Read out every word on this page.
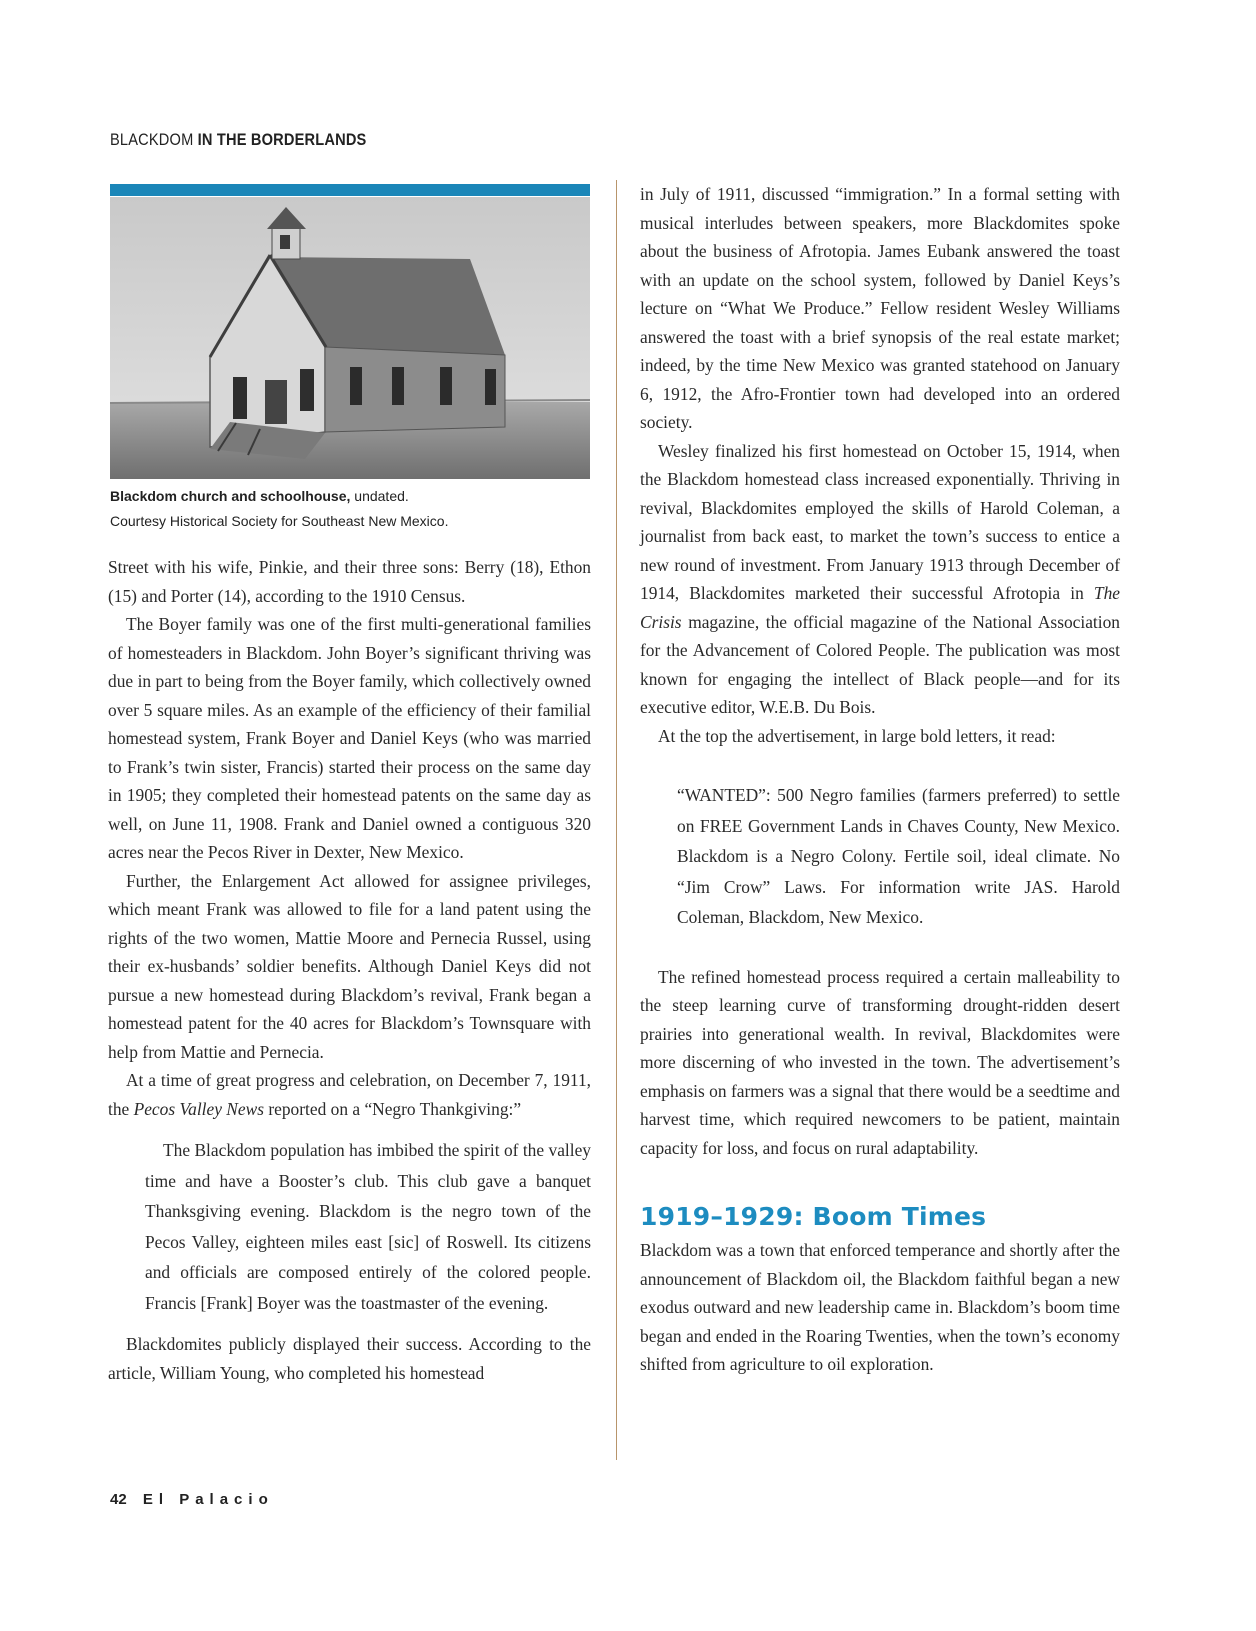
BLACKDOM IN THE BORDERLANDS
Blackdom church and schoolhouse, undated.
Courtesy Historical Society for Southeast New Mexico.

Street with his wife, Pinkie, and their three sons: Berry (18), Ethon (15) and Porter (14), according to the 1910 Census.

The Boyer family was one of the first multi-generational families of homesteaders in Blackdom. John Boyer’s significant thriving was due in part to being from the Boyer family, which collectively owned over 5 square miles. As an example of the efficiency of their familial homestead system, Frank Boyer and Daniel Keys (who was married to Frank’s twin sister, Francis) started their process on the same day in 1905; they completed their homestead patents on the same day as well, on June 11, 1908. Frank and Daniel owned a contiguous 320 acres near the Pecos River in Dexter, New Mexico.

Further, the Enlargement Act allowed for assignee privileges, which meant Frank was allowed to file for a land patent using the rights of the two women, Mattie Moore and Pernecia Russel, using their ex-husbands’ soldier benefits. Although Daniel Keys did not pursue a new homestead during Blackdom’s revival, Frank began a homestead patent for the 40 acres for Blackdom’s Townsquare with help from Mattie and Pernecia.

At a time of great progress and celebration, on December 7, 1911, the Pecos Valley News reported on a “Negro Thankgiving:”

The Blackdom population has imbibed the spirit of the valley time and have a Booster’s club. This club gave a banquet Thanksgiving evening. Blackdom is the negro town of the Pecos Valley, eighteen miles east [sic] of Roswell. Its citizens and officials are composed entirely of the colored people. Francis [Frank] Boyer was the toastmaster of the evening.

Blackdomites publicly displayed their success. According to the article, William Young, who completed his homestead

in July of 1911, discussed “immigration.” In a formal setting with musical interludes between speakers, more Blackdomites spoke about the business of Afrotopia. James Eubank answered the toast with an update on the school system, followed by Daniel Keys’s lecture on “What We Produce.” Fellow resident Wesley Williams answered the toast with a brief synopsis of the real estate market; indeed, by the time New Mexico was granted statehood on January 6, 1912, the Afro-Frontier town had developed into an ordered society.

Wesley finalized his first homestead on October 15, 1914, when the Blackdom homestead class increased exponentially. Thriving in revival, Blackdomites employed the skills of Harold Coleman, a journalist from back east, to market the town’s success to entice a new round of investment. From January 1913 through December of 1914, Blackdomites marketed their successful Afrotopia in The Crisis magazine, the official magazine of the National Association for the Advancement of Colored People. The publication was most known for engaging the intellect of Black people—and for its executive editor, W.E.B. Du Bois.

At the top the advertisement, in large bold letters, it read:

“WANTED”: 500 Negro families (farmers preferred) to settle on FREE Government Lands in Chaves County, New Mexico. Blackdom is a Negro Colony. Fertile soil, ideal climate. No “Jim Crow” Laws. For information write JAS. Harold Coleman, Blackdom, New Mexico.

The refined homestead process required a certain malleability to the steep learning curve of transforming drought-ridden desert prairies into generational wealth. In revival, Blackdomites were more discerning of who invested in the town. The advertisement’s emphasis on farmers was a signal that there would be a seedtime and harvest time, which required newcomers to be patient, maintain capacity for loss, and focus on rural adaptability.

1919–1929: Boom Times

Blackdom was a town that enforced temperance and shortly after the announcement of Blackdom oil, the Blackdom faithful began a new exodus outward and new leadership came in. Blackdom’s boom time began and ended in the Roaring Twenties, when the town’s economy shifted from agriculture to oil exploration.

42 El Palacio
